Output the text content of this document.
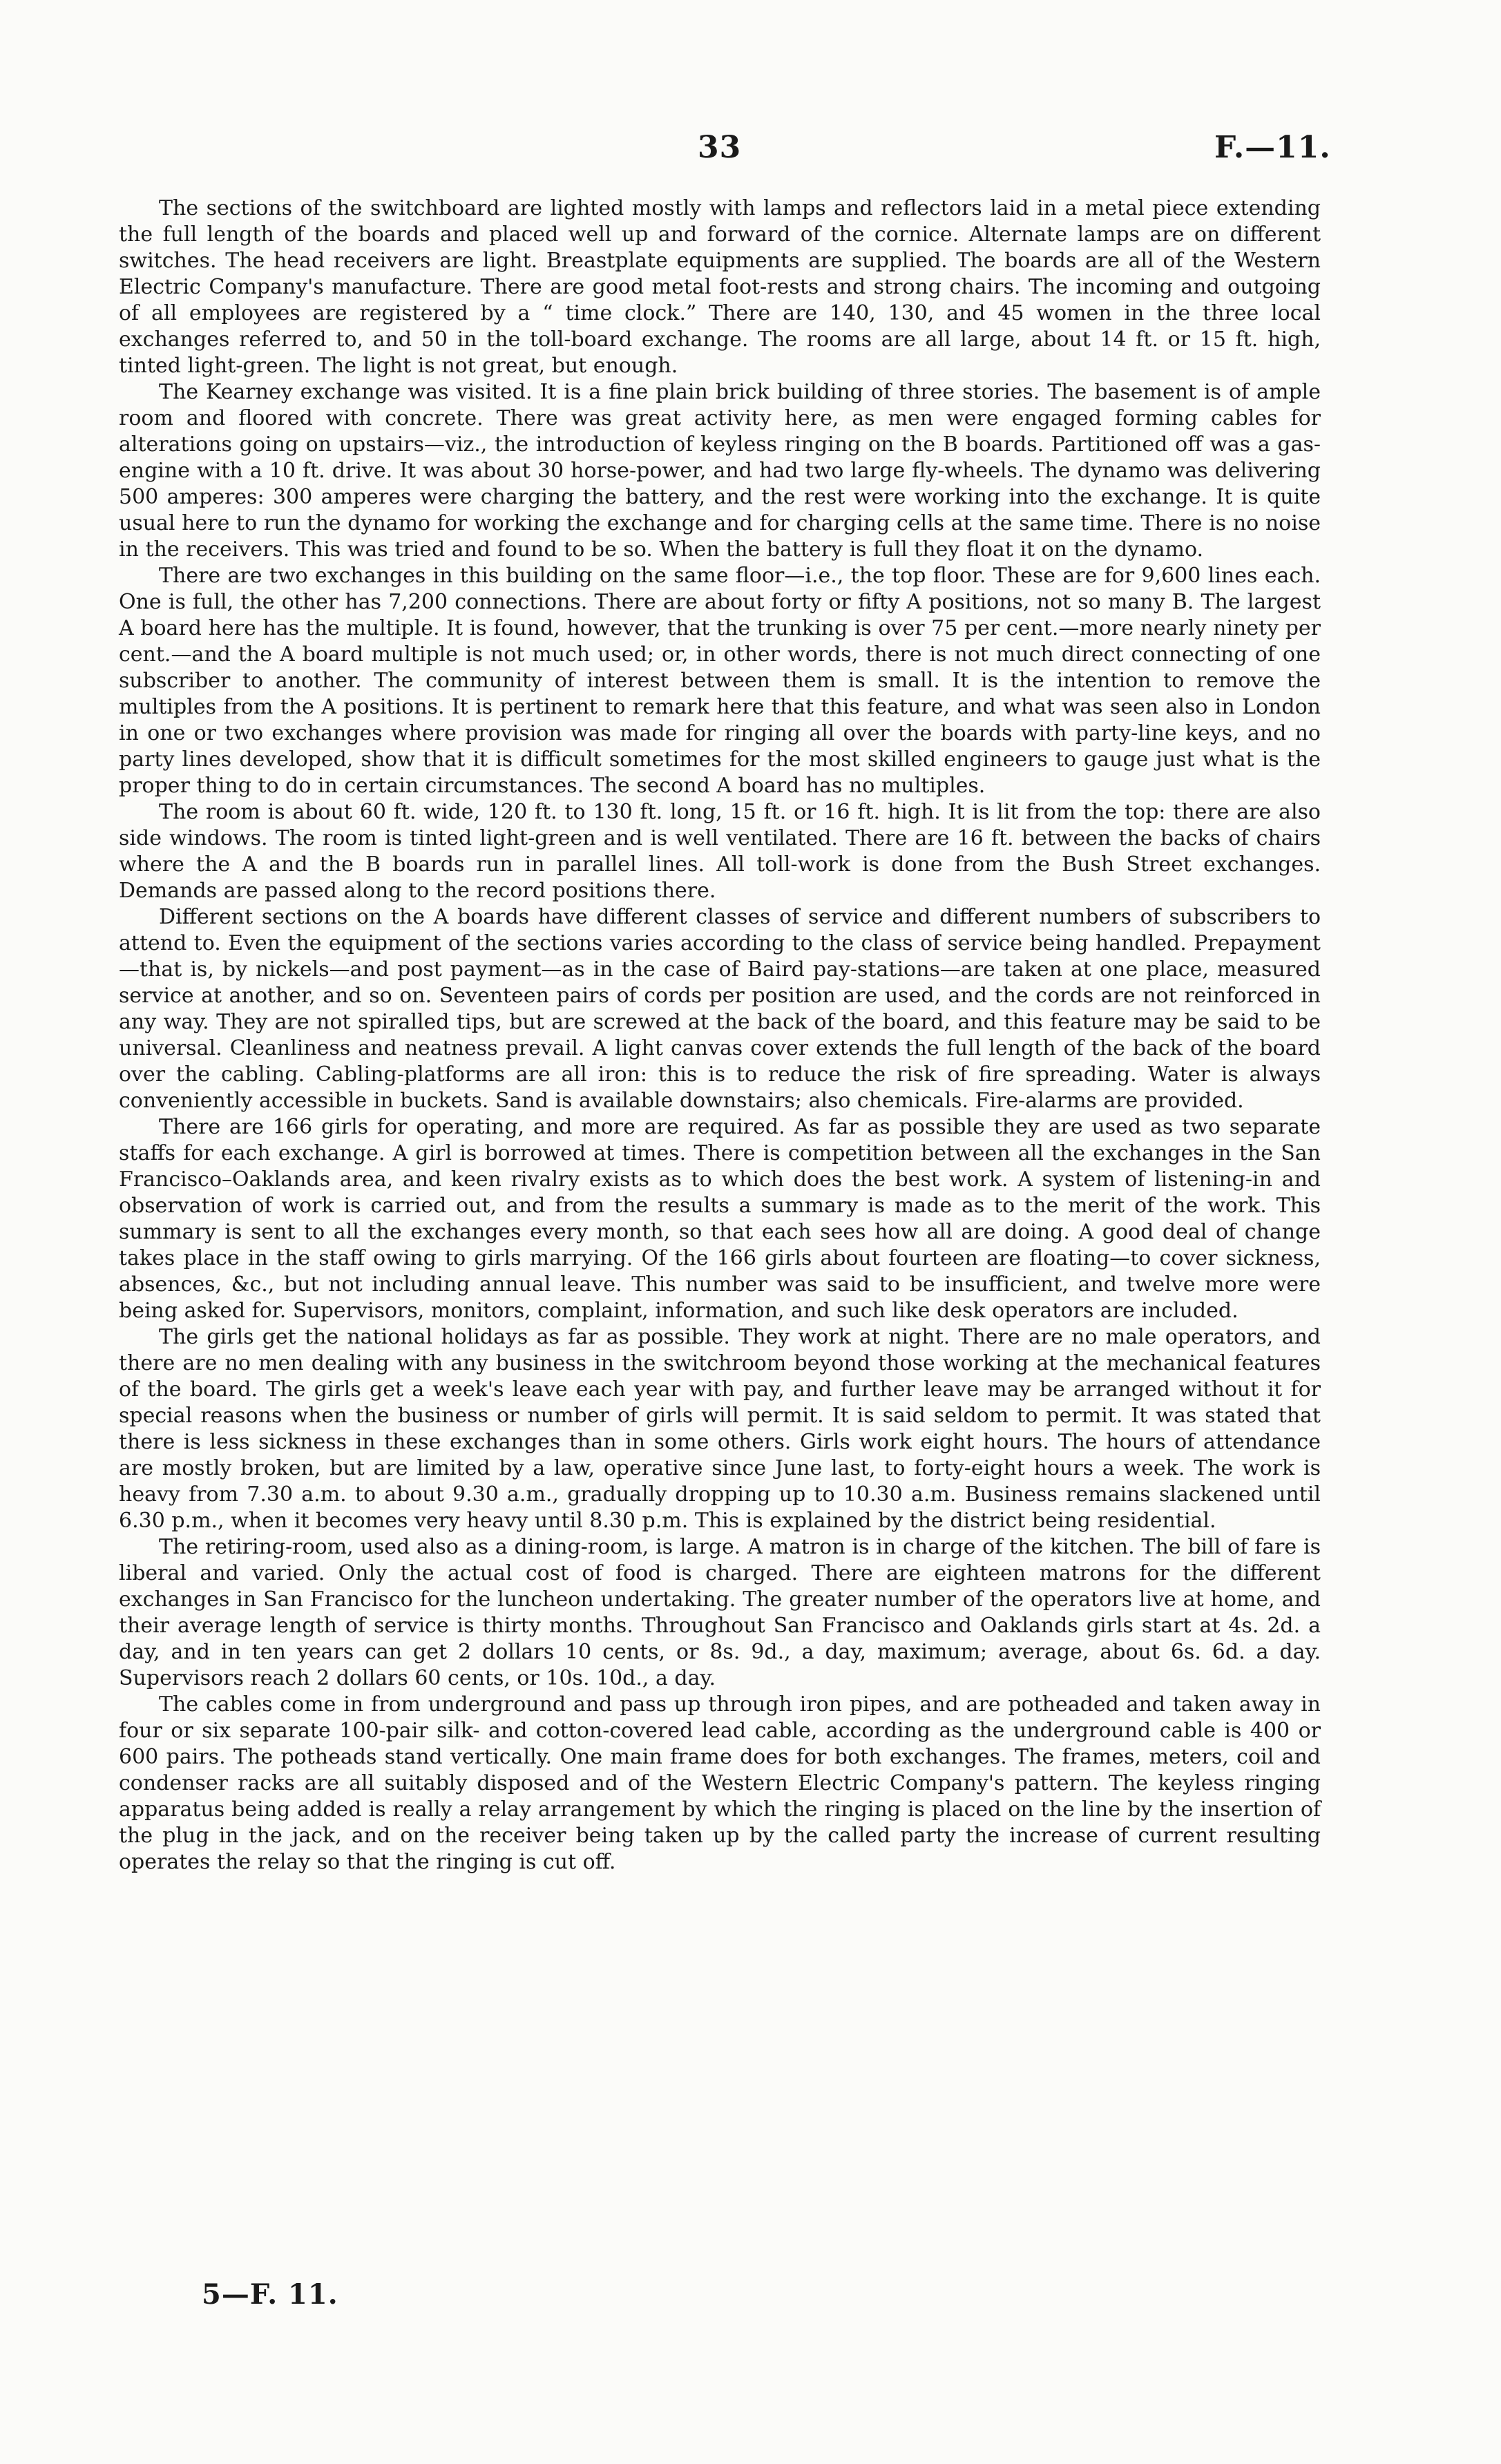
33	F.—11.

The sections of the switchboard are lighted mostly with lamps and reflectors laid in a metal piece extending the full length of the boards and placed well up and forward of the cornice. Alternate lamps are on different switches. The head receivers are light. Breastplate equipments are supplied. The boards are all of the Western Electric Company's manufacture. There are good metal foot-rests and strong chairs. The incoming and outgoing of all employees are registered by a “ time clock.” There are 140, 130, and 45 women in the three local exchanges referred to, and 50 in the toll-board exchange. The rooms are all large, about 14 ft. or 15 ft. high, tinted light-green. The light is not great, but enough.

The Kearney exchange was visited. It is a fine plain brick building of three stories. The basement is of ample room and floored with concrete. There was great activity here, as men were engaged forming cables for alterations going on upstairs—viz., the introduction of keyless ringing on the B boards. Partitioned off was a gas-engine with a 10 ft. drive. It was about 30 horse-power, and had two large fly-wheels. The dynamo was delivering 500 amperes: 300 amperes were charging the battery, and the rest were working into the exchange. It is quite usual here to run the dynamo for working the exchange and for charging cells at the same time. There is no noise in the receivers. This was tried and found to be so. When the battery is full they float it on the dynamo.

There are two exchanges in this building on the same floor—i.e., the top floor. These are for 9,600 lines each. One is full, the other has 7,200 connections. There are about forty or fifty A positions, not so many B. The largest A board here has the multiple. It is found, however, that the trunking is over 75 per cent.—more nearly ninety per cent.—and the A board multiple is not much used; or, in other words, there is not much direct connecting of one subscriber to another. The community of interest between them is small. It is the intention to remove the multiples from the A positions. It is pertinent to remark here that this feature, and what was seen also in London in one or two exchanges where provision was made for ringing all over the boards with party-line keys, and no party lines developed, show that it is difficult sometimes for the most skilled engineers to gauge just what is the proper thing to do in certain circumstances. The second A board has no multiples.

The room is about 60 ft. wide, 120 ft. to 130 ft. long, 15 ft. or 16 ft. high. It is lit from the top: there are also side windows. The room is tinted light-green and is well ventilated. There are 16 ft. between the backs of chairs where the A and the B boards run in parallel lines. All toll-work is done from the Bush Street exchanges. Demands are passed along to the record positions there.

Different sections on the A boards have different classes of service and different numbers of subscribers to attend to. Even the equipment of the sections varies according to the class of service being handled. Prepayment—that is, by nickels—and post payment—as in the case of Baird pay-stations—are taken at one place, measured service at another, and so on. Seventeen pairs of cords per position are used, and the cords are not reinforced in any way. They are not spiralled tips, but are screwed at the back of the board, and this feature may be said to be universal. Cleanliness and neatness prevail. A light canvas cover extends the full length of the back of the board over the cabling. Cabling-platforms are all iron: this is to reduce the risk of fire spreading. Water is always conveniently accessible in buckets. Sand is available downstairs; also chemicals. Fire-alarms are provided.

There are 166 girls for operating, and more are required. As far as possible they are used as two separate staffs for each exchange. A girl is borrowed at times. There is competition between all the exchanges in the San Francisco–Oaklands area, and keen rivalry exists as to which does the best work. A system of listening-in and observation of work is carried out, and from the results a summary is made as to the merit of the work. This summary is sent to all the exchanges every month, so that each sees how all are doing. A good deal of change takes place in the staff owing to girls marrying. Of the 166 girls about fourteen are floating—to cover sickness, absences, &c., but not including annual leave. This number was said to be insufficient, and twelve more were being asked for. Supervisors, monitors, complaint, information, and such like desk operators are included.

The girls get the national holidays as far as possible. They work at night. There are no male operators, and there are no men dealing with any business in the switchroom beyond those working at the mechanical features of the board. The girls get a week's leave each year with pay, and further leave may be arranged without it for special reasons when the business or number of girls will permit. It is said seldom to permit. It was stated that there is less sickness in these exchanges than in some others. Girls work eight hours. The hours of attendance are mostly broken, but are limited by a law, operative since June last, to forty-eight hours a week. The work is heavy from 7.30 a.m. to about 9.30 a.m., gradually dropping up to 10.30 a.m. Business remains slackened until 6.30 p.m., when it becomes very heavy until 8.30 p.m. This is explained by the district being residential.

The retiring-room, used also as a dining-room, is large. A matron is in charge of the kitchen. The bill of fare is liberal and varied. Only the actual cost of food is charged. There are eighteen matrons for the different exchanges in San Francisco for the luncheon undertaking. The greater number of the operators live at home, and their average length of service is thirty months. Throughout San Francisco and Oaklands girls start at 4s. 2d. a day, and in ten years can get 2 dollars 10 cents, or 8s. 9d., a day, maximum; average, about 6s. 6d. a day. Supervisors reach 2 dollars 60 cents, or 10s. 10d., a day.

The cables come in from underground and pass up through iron pipes, and are potheaded and taken away in four or six separate 100-pair silk- and cotton-covered lead cable, according as the underground cable is 400 or 600 pairs. The potheads stand vertically. One main frame does for both exchanges. The frames, meters, coil and condenser racks are all suitably disposed and of the Western Electric Company's pattern. The keyless ringing apparatus being added is really a relay arrangement by which the ringing is placed on the line by the insertion of the plug in the jack, and on the receiver being taken up by the called party the increase of current resulting operates the relay so that the ringing is cut off.

5—F. 11.
